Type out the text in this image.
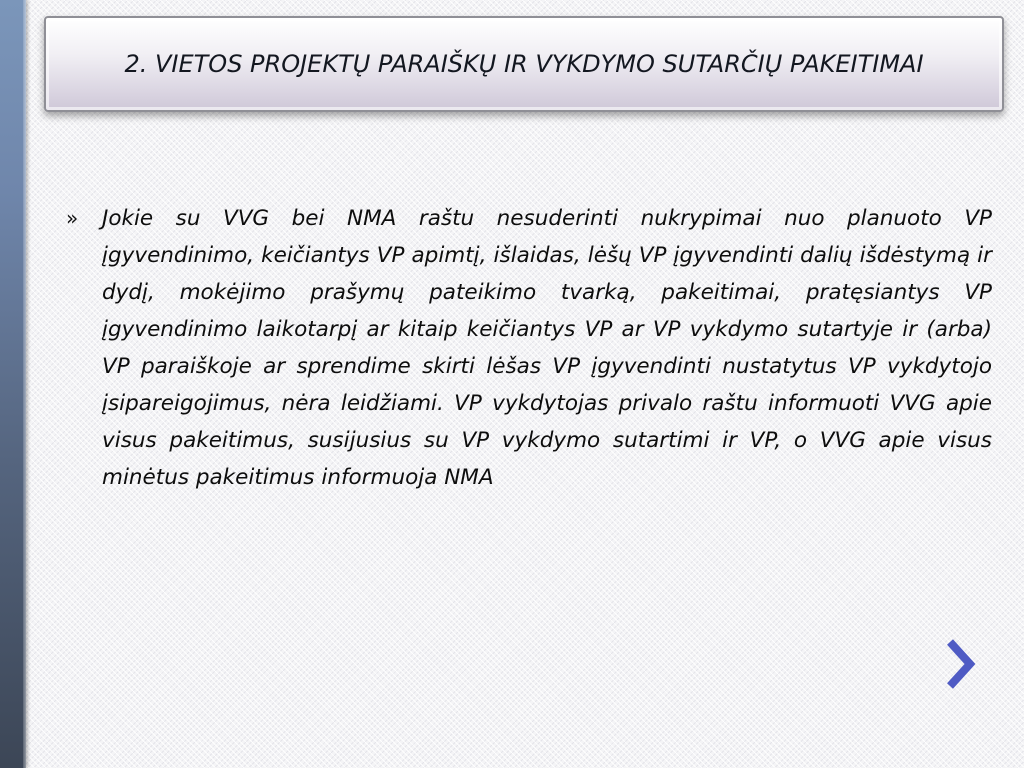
2. VIETOS PROJEKTŲ PARAIŠKŲ IR VYKDYMO SUTARČIŲ PAKEITIMAI
»	Jokie su VVG bei NMA raštu nesuderinti nukrypimai nuo planuoto VP įgyvendinimo, keičiantys VP apimtį, išlaidas, lėšų VP įgyvendinti dalių išdėstymą ir dydį, mokėjimo prašymų pateikimo tvarką, pakeitimai, pratęsiantys VP įgyvendinimo laikotarpį ar kitaip keičiantys VP ar VP vykdymo sutartyje ir (arba) VP paraiškoje ar sprendime skirti lėšas VP įgyvendinti nustatytus VP vykdytojo įsipareigojimus, nėra leidžiami. VP vykdytojas privalo raštu informuoti VVG apie visus pakeitimus, susijusius su VP vykdymo sutartimi ir VP, o VVG apie visus minėtus pakeitimus informuoja NMA
